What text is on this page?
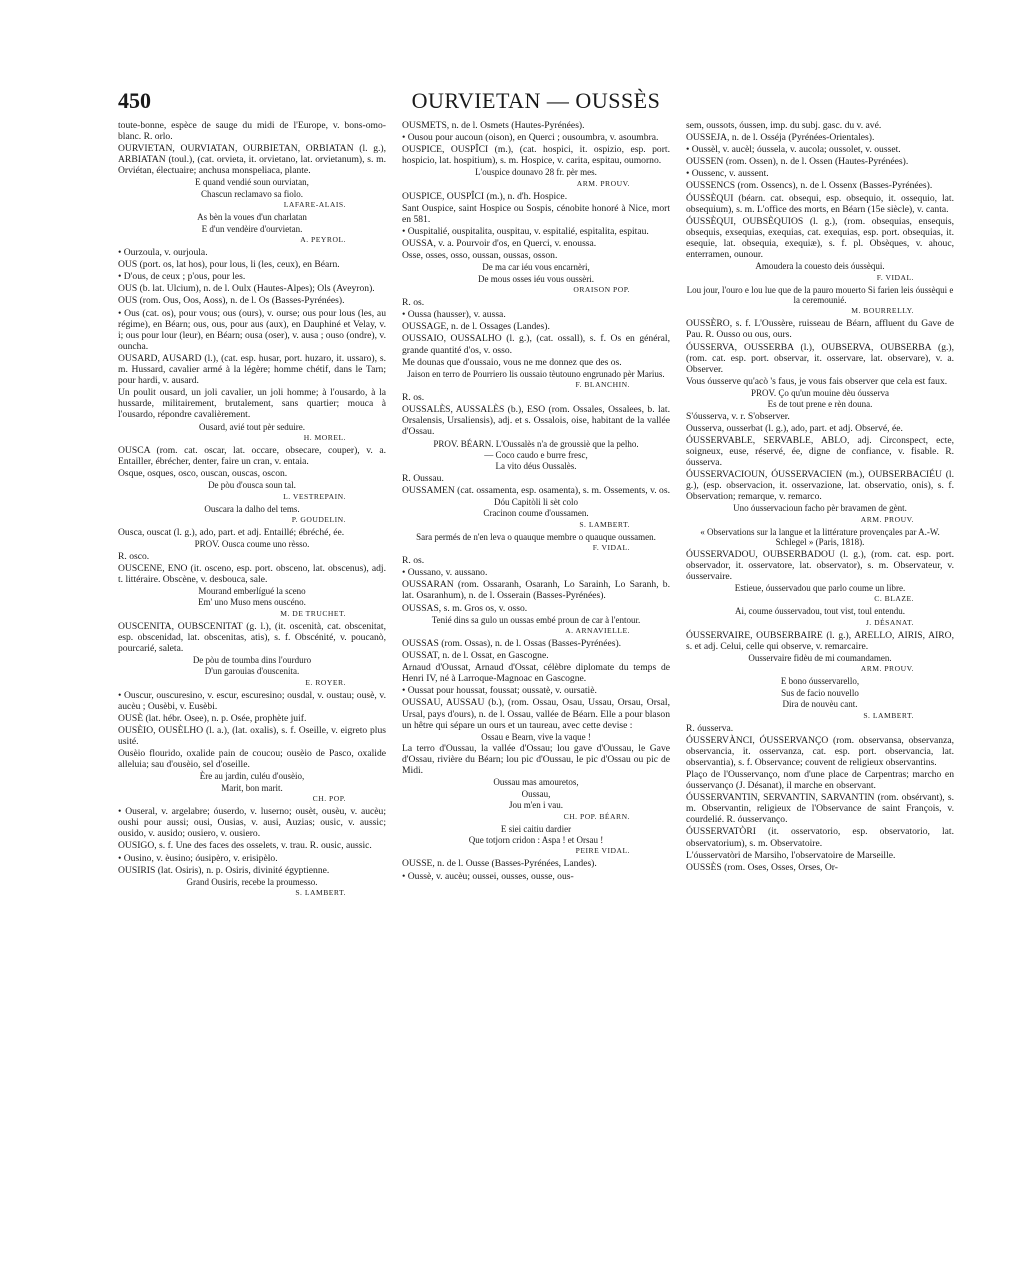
450	OURVIETAN — OUSSÈS
toute-bonne, espèce de sauge du midi de l'Europe, v. bons-omo-blanc. R. orlo.
OURVIETAN, OURVIATAN, OURBIETAN, ORBIATAN (l. g.), ARBIATAN (toul.), (cat. orvieta, it. orvietano, lat. orvietanum), s. m. Orviétan, électuaire; anchusa monspeliaca, plante.
E quand vendié soun ourviatan,
Chascun reclamavo sa fiolo.
LAFARE-ALAIS.
As bèn la voues d'un charlatan
E d'un vendèire d'ourvietan.
A. PEYROL.
• Ourzoula, v. ourjoula.
OUS (port. os, lat hos), pour lous, li (les, ceux), en Béarn.
• D'ous, de ceux ; p'ous, pour les.
OUS (b. lat. Ulcium), n. de l. Oulx (Hautes-Alpes); Ols (Aveyron).
OUS (rom. Ous, Oos, Aoss), n. de l. Os (Basses-Pyrénées).
• Ous (cat. os), pour vous; ous (ours), v. ourse; ous pour lous (les, au régime), en Béarn; ous, ous, pour aus (aux), en Dauphiné et Velay, v. i; ous pour lour (leur), en Béarn; ousa (oser), v. ausa ; ouso (ondre), v. ouncha.
OUSARD, AUSARD (l.), (cat. esp. husar, port. huzaro, it. ussaro), s. m. Hussard, cavalier armé à la légère; homme chétif, dans le Tarn; pour hardi, v. ausard.
Un poulit ousard, un joli cavalier, un joli homme; à l'ousardo, à la hussarde, militairement, brutalement, sans quartier; mouca à l'ousardo, répondre cavalièrement.
Ousard, avié tout pèr seduire.
H. MOREL.
OUSCA (rom. cat. oscar, lat. occare, obsecare, couper), v. a. Entailler, ébrécher, denter, faire un cran, v. entaia.
Osque, osques, osco, ouscan, ouscas, oscon.
De pòu d'ousca soun tal.
L. VESTREPAIN.
Ouscara la dalho del tems.
P. GOUDELIN.
Ousca, ouscat (l. g.), ado, part. et adj. Entaillé; ébréché, ée.
PROV. Ousca coume uno rèsso.
R. osco.
OUSCENE, ENO (it. osceno, esp. port. obsceno, lat. obscenus), adj. t. littéraire. Obscène, v. desbouca, sale.
Mourand emberlígué la sceno
Em' uno Muso mens ouscéno.
M. DE TRUCHET.
OUSCENITA, OUBSCENITAT (g. l.), (it. oscenità, cat. obscenitat, esp. obscenidad, lat. obscenitas, atis), s. f. Obscénité, v. poucanò, pourcarié, saleta.
De pòu de toumba dins l'ourduro
D'un garouias d'ouscenita.
E. ROYER.
• Ouscur, ouscuresino, v. escur, escuresino; ousdal, v. oustau; ousè, v. aucèu ; Ousèbi, v. Eusèbi.
OUSÈ (lat. hébr. Osee), n. p. Osée, prophète juif.
OUSÈIO, OUSÈLHO (l. a.), (lat. oxalis), s. f. Oseille, v. eigreto plus usité.
Ousèio flourido, oxalide pain de coucou; ousèio de Pasco, oxalide alleluia; sau d'ousèio, sel d'oseille.
Ère au jardin, culéu d'ousèio,
Marit, bon marit.
CH. POP.
• Ouseral, v. argelabre; óuserdo, v. luserno; ousèt, ousèu, v. aucèu; oushi pour aussi; ousi, Ousias, v. ausi, Auzias; ousic, v. aussic; ousido, v. ausido; ousiero, v. ousiero.
OUSIGO, s. f. Une des faces des osselets, v. trau. R. ousic, aussic.
• Ousino, v. èusino; óusipèro, v. erisipèlo.
OUSIRIS (lat. Osiris), n. p. Osiris, divinité égyptienne.
Grand Ousiris, recebe la proumesso.
S. LAMBERT.
OUSMETS, n. de l. Osmets (Hautes-Pyrénées).
• Ousou pour aucoun (oison), en Querci ; ousoumbra, v. asoumbra.
OUSPICE, OUSPÎCI (m.), (cat. hospici, it. ospizio, esp. port. hospicio, lat. hospitium), s. m. Hospice, v. carita, espitau, oumorno.
L'ouspice dounavo 28 fr. pèr mes.
ARM. PROUV.
OUSPICE, OUSPÎCI (m.), n. d'h. Hospice.
Sant Ouspice, saint Hospice ou Sospis, cénobite honoré à Nice, mort en 581.
• Ouspitalié, ouspitalita, ouspitau, v. espitalié, espitalita, espitau.
OUSSA, v. a. Pourvoir d'os, en Querci, v. enoussa.
Osse, osses, osso, oussan, oussas, osson.
De ma car iéu vous encarnèri,
De mous osses iéu vous oussèri.
ORAISON POP.
R. os.
• Oussa (hausser), v. aussa.
OUSSAGE, n. de l. Ossages (Landes).
OUSSAIO, OUSSALHO (l. g.), (cat. ossall), s. f. Os en général, grande quantité d'os, v. osso.
Me dounas que d'oussaio, vous ne me donnez que des os.
Jaison en terro de Pourriero lis oussaio tèutouno engrunado pèr Marius.
F. BLANCHIN.
R. os.
OUSSALÈS, AUSSALÈS (b.), ESO (rom. Ossales, Ossalees, b. lat. Orsalensis, Ursaliensis), adj. et s. Ossalois, oise, habitant de la vallée d'Ossau.
PROV. BÉARN. L'Oussalès n'a de groussiè que la pelho.
— Coco caudo e burre fresc,
La vito déus Oussalès.
R. Oussau.
OUSSAMEN (cat. ossamenta, esp. osamenta), s. m. Ossements, v. os.
Dóu Capitòli li sèt colo
Cracinon coume d'oussamen.
S. LAMBERT.
Sara permés de n'en leva o quauque membre o quauque oussamen.
F. VIDAL.
R. os.
• Oussano, v. aussano.
OUSSARAN (rom. Ossaranh, Osaranh, Lo Sarainh, Lo Saranh, b. lat. Osaranhum), n. de l. Osserain (Basses-Pyrénées).
OUSSAS, s. m. Gros os, v. osso.
Tenié dins sa gulo un oussas embé proun de car à l'entour.
A. ARNAVIELLE.
OUSSAS (rom. Ossas), n. de l. Ossas (Basses-Pyrénées).
OUSSAT, n. de l. Ossat, en Gascogne.
Arnaud d'Oussat, Arnaud d'Ossat, célèbre diplomate du temps de Henri IV, né à Larroque-Magnoac en Gascogne.
• Oussat pour houssat, foussat; oussatè, v. oursatiè.
OUSSAU, AUSSAU (b.), (rom. Ossau, Osau, Ussau, Orsau, Orsal, Ursal, pays d'ours), n. de l. Ossau, vallée de Béarn. Elle a pour blason un hêtre qui sépare un ours et un taureau, avec cette devise :
Ossau e Bearn, vive la vaque !
La terro d'Oussau, la vallée d'Ossau; lou gave d'Oussau, le Gave d'Ossau, rivière du Béarn; lou pic d'Oussau, le pic d'Ossau ou pic de Midi.
Oussau mas amouretos,
Oussau,
Jou m'en i vau.
CH. POP. BÉARN.
E siei caitiu dardier
Que totjorn cridon : Aspa ! et Orsau !
PEIRE VIDAL.
OUSSE, n. de l. Ousse (Basses-Pyrénées, Landes).
• Oussè, v. aucèu; oussei, ousses, ousse, ous-
sem, oussots, óussen, imp. du subj. gasc. du v. avé.
OUSSEJA, n. de l. Osséja (Pyrénées-Orientales).
• Oussèl, v. aucèl; óussela, v. aucola; oussolet, v. ousset.
OUSSEN (rom. Ossen), n. de l. Ossen (Hautes-Pyrénées).
• Oussenc, v. aussent.
OUSSENCS (rom. Ossencs), n. de l. Ossenx (Basses-Pyrénées).
ÓUSSÈQUI (béarn. cat. obsequi, esp. obsequio, it. ossequio, lat. obsequium), s. m. L'office des morts, en Béarn (15e siècle), v. canta.
ÓUSSÈQUI, OUBSÈQUIOS (l. g.), (rom. obsequias, ensequis, obsequis, exsequias, exequias, cat. exequias, esp. port. obsequias, it. esequie, lat. obsequia, exequiæ), s. f. pl. Obsèques, v. ahouc, enterramen, ounour.
Amoudera la couesto deis óussèqui.
F. VIDAL.
Lou jour, l'ouro e lou lue que de la pauro mouerto Si farien leis óussèqui e la ceremounié.
M. BOURRELLY.
OUSSÈRO, s. f. L'Oussère, ruisseau de Béarn, affluent du Gave de Pau. R. Ousso ou ous, ours.
ÓUSSERVA, OUSSERBA (l.), OUBSERVA, OUBSERBA (g.), (rom. cat. esp. port. observar, it. osservare, lat. observare), v. a. Observer.
Vous óusserve qu'acò 's faus, je vous fais observer que cela est faux.
PROV. Ço qu'un mouine dèu óusserva
Es de tout prene e rèn douna.
S'óusserva, v. r. S'observer.
Ousserva, ousserbat (l. g.), ado, part. et adj. Observé, ée.
ÓUSSERVABLE, SERVABLE, ABLO, adj. Circonspect, ecte, soigneux, euse, réservé, ée, digne de confiance, v. fisable. R. óusserva.
ÓUSSERVACIOUN, ÓUSSERVACIEN (m.), OUBSERBACIÉU (l. g.), (esp. observacion, it. osservazione, lat. observatio, onis), s. f. Observation; remarque, v. remarco.
Uno óusservacioun facho pèr bravamen de gènt.
ARM. PROUV.
« Observations sur la langue et la littérature provençales par A.-W. Schlegel » (Paris, 1818).
ÓUSSERVADOU, OUBSERBADOU (l. g.), (rom. cat. esp. port. observador, it. osservatore, lat. observator), s. m. Observateur, v. óusservaire.
Estieue, óusservadou que parlo coume un libre.
C. BLAZE.
Ai, coume óusservadou, tout vist, toul entendu.
J. DÉSANAT.
ÓUSSERVAIRE, OUBSERBAIRE (l. g.), ARELLO, AIRIS, AIRO, s. et adj. Celui, celle qui observe, v. remarcaire.
Ousservaire fidèu de mi coumandamen.
ARM. PROUV.
E bono óusservarello,
Sus de facio nouvello
Dira de nouvèu cant.
S. LAMBERT.
R. óusserva.
ÓUSSERVÀNCI, ÓUSSERVANÇO (rom. observansa, observanza, observancia, it. osservanza, cat. esp. port. observancia, lat. observantia), s. f. Observance; couvent de religieux observantins.
Plaço de l'Ousservanço, nom d'une place de Carpentras; marcho en óusservanço (J. Désanat), il marche en observant.
ÓUSSERVANTIN, SERVANTIN, SARVANTIN (rom. obsérvant), s. m. Observantin, religieux de l'Observance de saint François, v. courdelié. R. óusservanço.
ÓUSSERVATÒRI (it. osservatorio, esp. observatorio, lat. observatorium), s. m. Observatoire.
L'óusservatòri de Marsiho, l'observatoire de Marseille.
OUSSÈS (rom. Oses, Osses, Orses, Or-
